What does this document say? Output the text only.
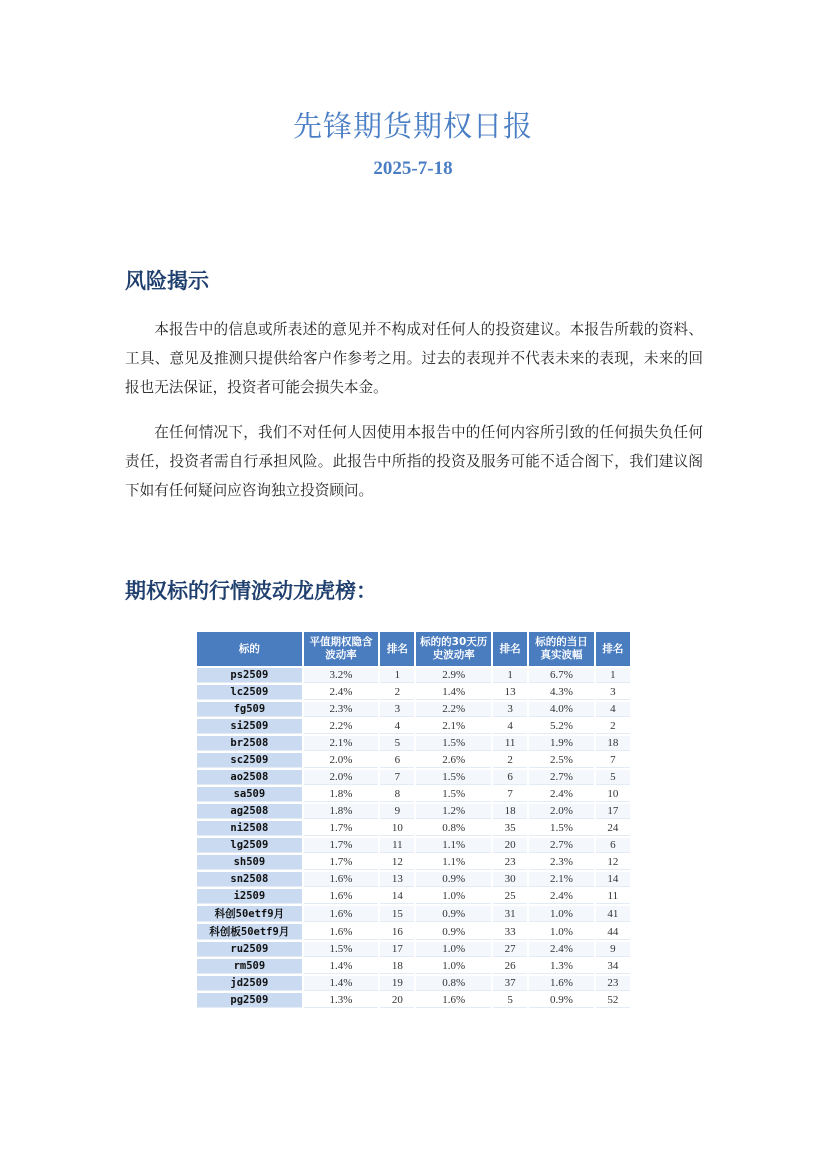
先锋期货期权日报
2025-7-18
风险揭示

本报告中的信息或所表述的意见并不构成对任何人的投资建议。本报告所载的资料、工具、意见及推测只提供给客户作参考之用。过去的表现并不代表未来的表现，未来的回报也无法保证，投资者可能会损失本金。

在任何情况下，我们不对任何人因使用本报告中的任何内容所引致的任何损失负任何责任，投资者需自行承担风险。此报告中所指的投资及服务可能不适合阁下，我们建议阁下如有任何疑问应咨询独立投资顾问。

期权标的行情波动龙虎榜：
标的	平值期权隐含波动率	排名	标的的30天历史波动率	排名	标的的当日真实波幅	排名
ps2509	3.2%	1	2.9%	1	6.7%	1
lc2509	2.4%	2	1.4%	13	4.3%	3
fg509	2.3%	3	2.2%	3	4.0%	4
si2509	2.2%	4	2.1%	4	5.2%	2
br2508	2.1%	5	1.5%	11	1.9%	18
sc2509	2.0%	6	2.6%	2	2.5%	7
ao2508	2.0%	7	1.5%	6	2.7%	5
sa509	1.8%	8	1.5%	7	2.4%	10
ag2508	1.8%	9	1.2%	18	2.0%	17
ni2508	1.7%	10	0.8%	35	1.5%	24
lg2509	1.7%	11	1.1%	20	2.7%	6
sh509	1.7%	12	1.1%	23	2.3%	12
sn2508	1.6%	13	0.9%	30	2.1%	14
i2509	1.6%	14	1.0%	25	2.4%	11
科创50etf9月	1.6%	15	0.9%	31	1.0%	41
科创板50etf9月	1.6%	16	0.9%	33	1.0%	44
ru2509	1.5%	17	1.0%	27	2.4%	9
rm509	1.4%	18	1.0%	26	1.3%	34
jd2509	1.4%	19	0.8%	37	1.6%	23
pg2509	1.3%	20	1.6%	5	0.9%	52
